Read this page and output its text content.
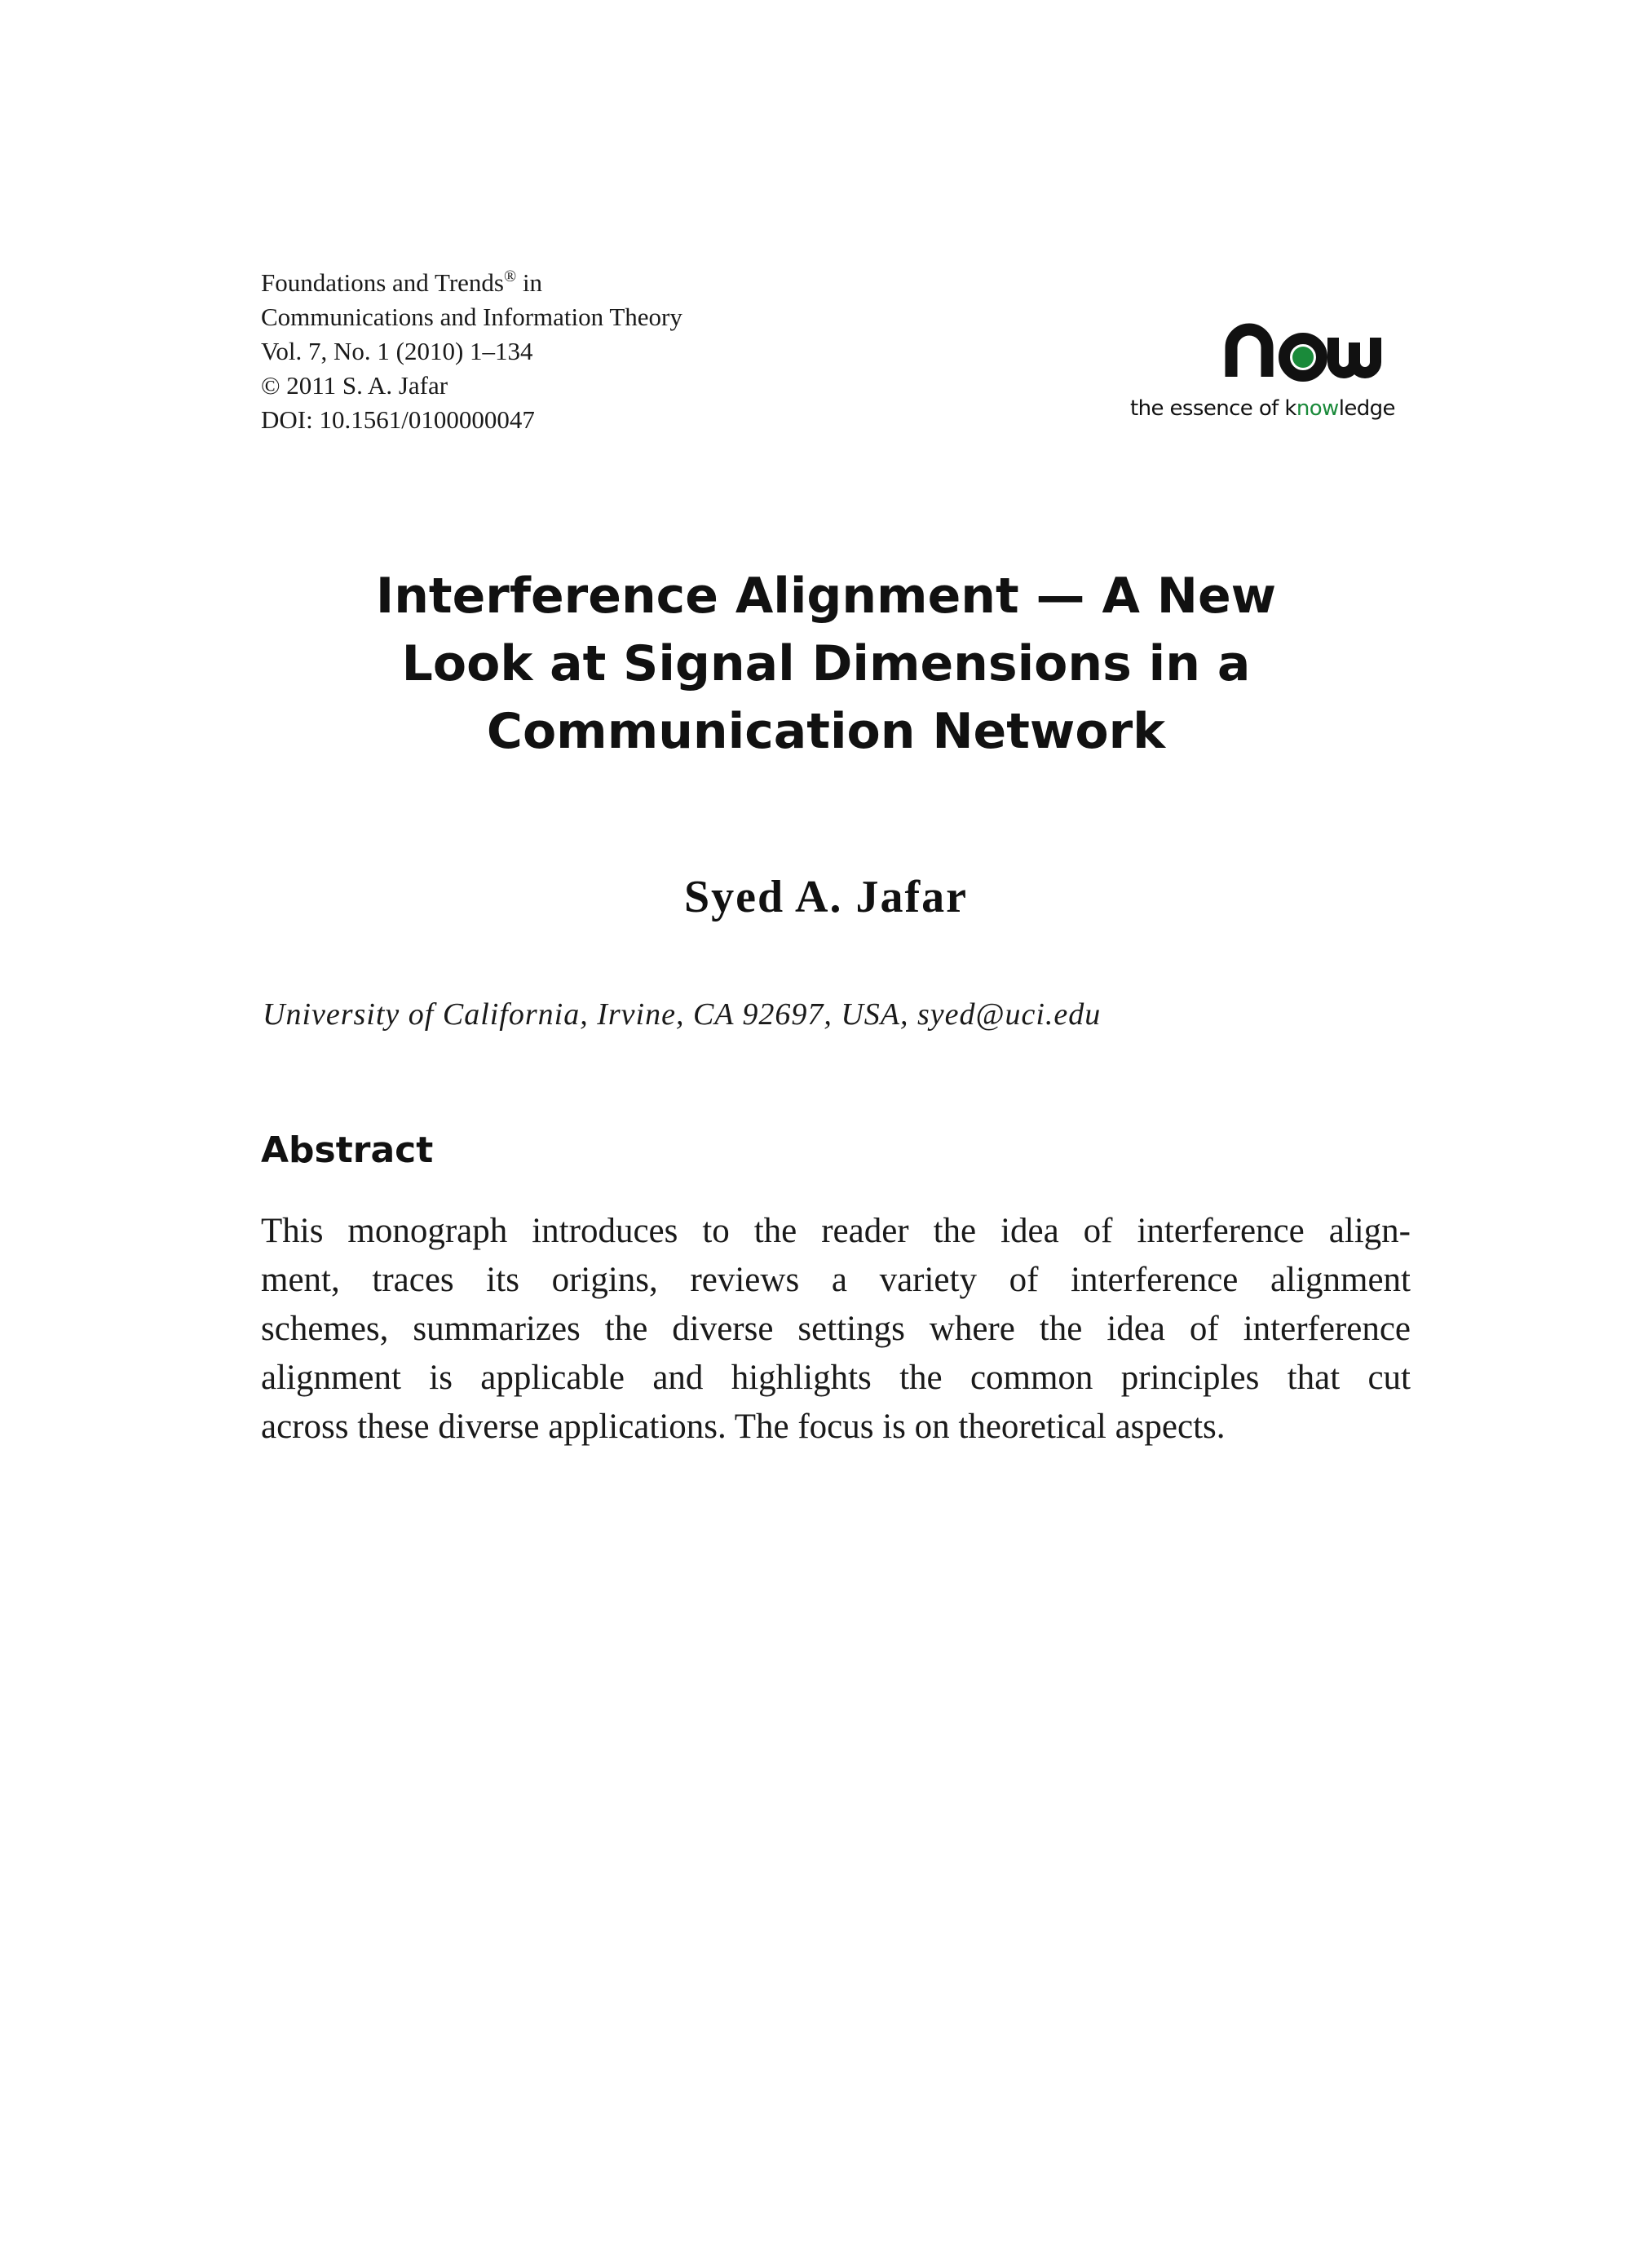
Foundations and Trends® in
Communications and Information Theory
Vol. 7, No. 1 (2010) 1–134
© 2011 S. A. Jafar
DOI: 10.1561/0100000047	the essence of knowledge
Interference Alignment — A New
Look at Signal Dimensions in a
Communication Network
Syed A. Jafar
University of California, Irvine, CA 92697, USA, syed@uci.edu
Abstract
This monograph introduces to the reader the idea of interference align-
ment, traces its origins, reviews a variety of interference alignment
schemes, summarizes the diverse settings where the idea of interference
alignment is applicable and highlights the common principles that cut
across these diverse applications. The focus is on theoretical aspects.
